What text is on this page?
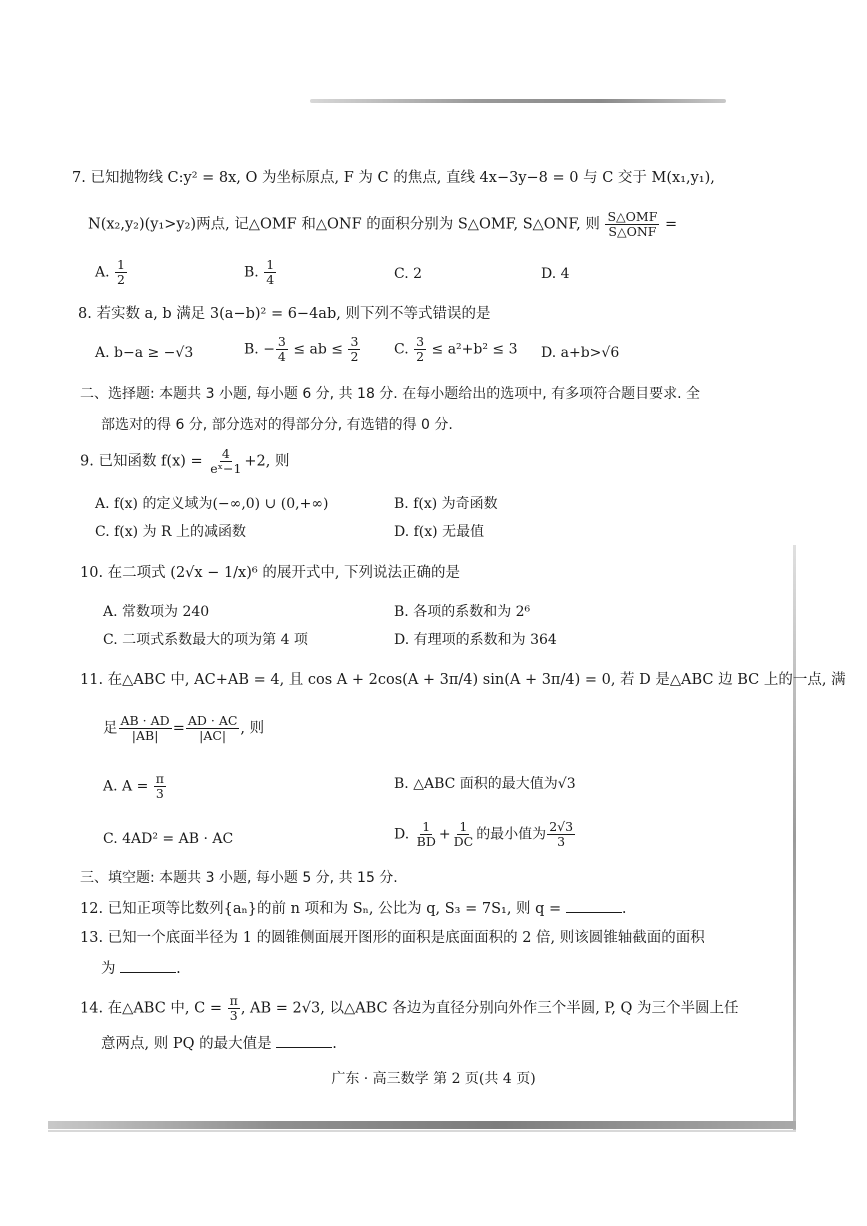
7. 已知抛物线 C:y² = 8x, O 为坐标原点, F 为 C 的焦点, 直线 4x−3y−8 = 0 与 C 交于 M(x₁,y₁),
N(x₂,y₂)(y₁>y₂)两点, 记△OMF 和△ONF 的面积分别为 S△OMF, S△ONF, 则 $\frac{\text{S△OMF}}{\text{S△ONF}}$ =
A. $\frac{1}{2}$	B. $\frac{1}{4}$	C. 2	D. 4
8. 若实数 a, b 满足 3(a−b)² = 6−4ab, 则下列不等式错误的是
A. b−a ≥ −√3	B. − $\frac{3}{4}$ ≤ ab ≤ $\frac{3}{2} C$. $\frac{3}{2} \le a^2+b^2 \le 3$ D. a+b>√6
二、选择题: 本题共 3 小题, 每小题 6 分, 共 18 分. 在每小题给出的选项中, 有多项符合题目要求. 全
部选对的得 6 分, 部分选对的得部分分, 有选错的得 0 分.
9. 已知函数 $f(x) = \frac{4}{\text{eˣ−1}} +2$, 则
A. f(x) 的定义域为(−∞,0) ∪ (0,+∞)	B. f(x) 为奇函数
C. f(x) 为 R 上的减函数	D. f(x) 无最值
10. 在二项式 (2√x − 1/x)⁶ 的展开式中, 下列说法正确的是
A. 常数项为 240	B. 各项的系数和为 2⁶
C. 二项式系数最大的项为第 4 项	D. 有理项的系数和为 364
11. 在△ABC 中, AC+AB = 4, 且 cos A + 2cos(A + 3π/4) sin(A + 3π/4) = 0, 若 D 是△ABC 边 BC 上的一点, 满
足 $\frac{AB \cdot AD}{|AB|} = \frac{AD \cdot AC}{|AC|}$ , 则
A. $A = \frac{\pi}{3}$	B. △ABC 面积的最大值为√3
C. 4AD² = AB · AC	D. $\frac{1}{BD} + \frac{1}{DC}$ 的最小值为 $\frac{2√3}{3}$
三、填空题: 本题共 3 小题, 每小题 5 分, 共 15 分.
12. 已知正项等比数列{aₙ}的前 n 项和为 Sₙ, 公比为 q, S₃ = 7S₁, 则 q =	.
13. 已知一个底面半径为 1 的圆锥侧面展开图形的面积是底面面积的 2 倍, 则该圆锥轴截面的面积
为	.
14. 在△ABC 中, $C = \frac{\pi}{3}$ , AB = 2√3, 以△ABC 各边为直径分别向外作三个半圆, P, Q 为三个半圆上任
意两点, 则 PQ 的最大值是	.
广东 · 高三数学 第 2 页(共 4 页)
